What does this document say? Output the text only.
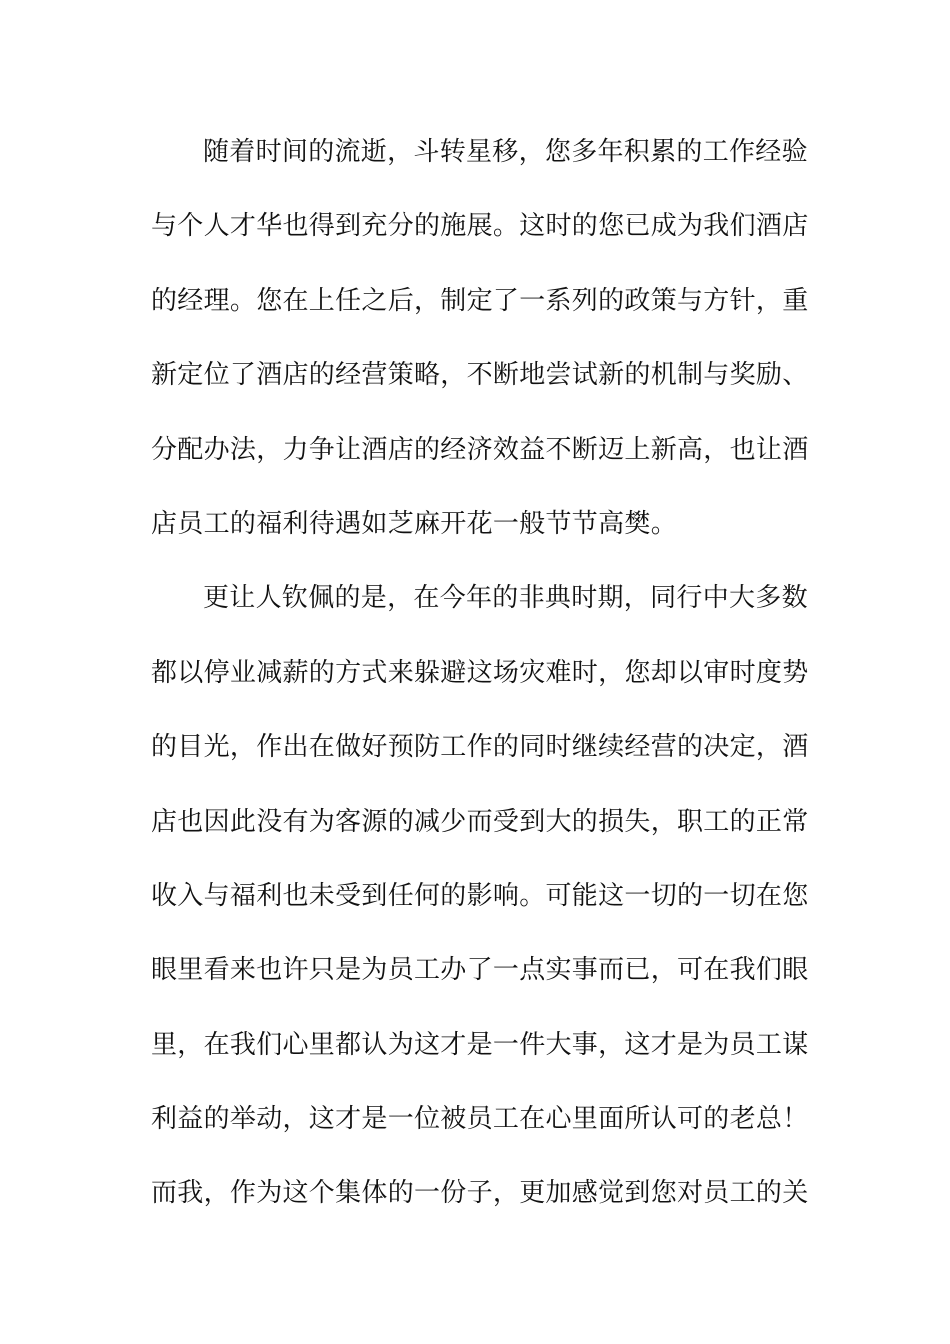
随着时间的流逝，斗转星移，您多年积累的工作经验
与个人才华也得到充分的施展。这时的您已成为我们酒店
的经理。您在上任之后，制定了一系列的政策与方针，重
新定位了酒店的经营策略，不断地尝试新的机制与奖励、
分配办法，力争让酒店的经济效益不断迈上新高，也让酒
店员工的福利待遇如芝麻开花一般节节高樊。
更让人钦佩的是，在今年的非典时期，同行中大多数
都以停业减薪的方式来躲避这场灾难时，您却以审时度势
的目光，作出在做好预防工作的同时继续经营的决定，酒
店也因此没有为客源的减少而受到大的损失，职工的正常
收入与福利也未受到任何的影响。可能这一切的一切在您
眼里看来也许只是为员工办了一点实事而已，可在我们眼
里，在我们心里都认为这才是一件大事，这才是为员工谋
利益的举动，这才是一位被员工在心里面所认可的老总！
而我，作为这个集体的一份子，更加感觉到您对员工的关
